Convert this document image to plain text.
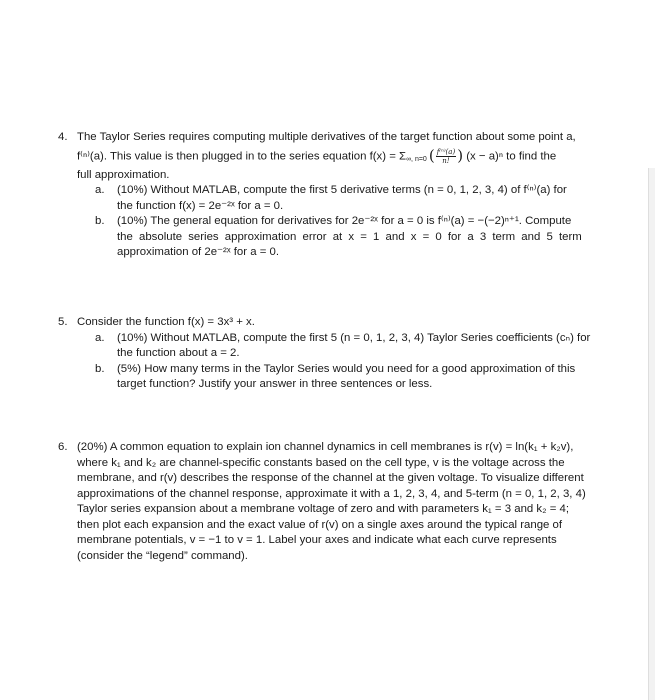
4. The Taylor Series requires computing multiple derivatives of the target function about some point a,
f⁽ⁿ⁾(a). This value is then plugged in to the series equation f(x) = Σ∞, n=0 ( $\frac{\text{f⁽ⁿ⁾(a)}}{n!}$ ) (x − a)ⁿ to find the
full approximation.
a.	(10%) Without MATLAB, compute the first 5 derivative terms (n = 0, 1, 2, 3, 4) of f⁽ⁿ⁾(a) for
the function f(x) = 2e⁻²ˣ for a = 0.
b.	(10%) The general equation for derivatives for 2e⁻²ˣ for a = 0 is f⁽ⁿ⁾(a) = −(−2)ⁿ⁺¹. Compute
the absolute series approximation error at x = 1 and x = 0 for a 3 term and 5 term
approximation of 2e⁻²ˣ for a = 0.
5. Consider the function f(x) = 3x³ + x.
a.	(10%) Without MATLAB, compute the first 5 (n = 0, 1, 2, 3, 4) Taylor Series coefficients (cₙ) for
the function about a = 2.
b.	(5%) How many terms in the Taylor Series would you need for a good approximation of this
target function? Justify your answer in three sentences or less.
6. (20%) A common equation to explain ion channel dynamics in cell membranes is r(v) = ln(k₁ + k₂v),
where k₁ and k₂ are channel-specific constants based on the cell type, v is the voltage across the
membrane, and r(v) describes the response of the channel at the given voltage. To visualize different
approximations of the channel response, approximate it with a 1, 2, 3, 4, and 5-term (n = 0, 1, 2, 3, 4)
Taylor series expansion about a membrane voltage of zero and with parameters k₁ = 3 and k₂ = 4;
then plot each expansion and the exact value of r(v) on a single axes around the typical range of
membrane potentials, v = −1 to v = 1. Label your axes and indicate what each curve represents
(consider the “legend” command).
